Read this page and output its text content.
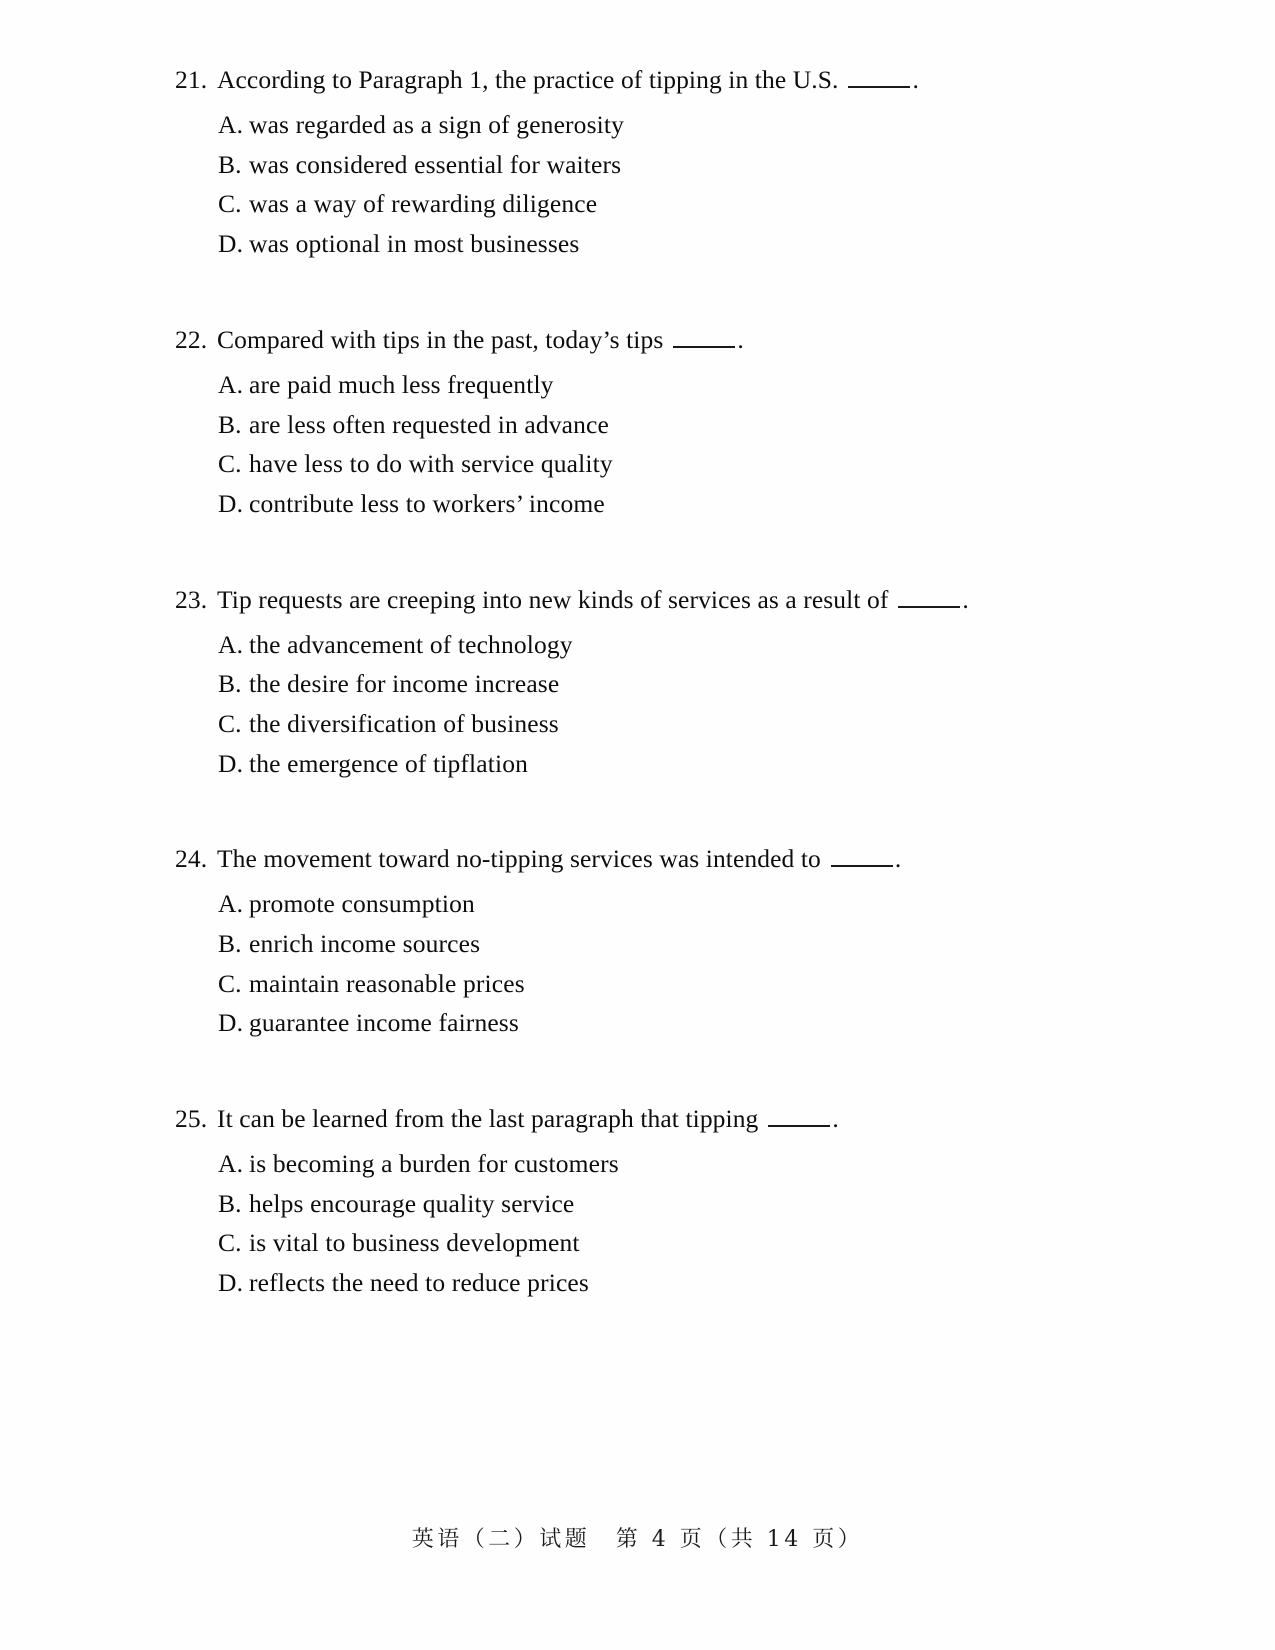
21. According to Paragraph 1, the practice of tipping in the U.S.	.
A. was regarded as a sign of generosity
B. was considered essential for waiters
C. was a way of rewarding diligence
D. was optional in most businesses
22. Compared with tips in the past, today’s tips	.
A. are paid much less frequently
B. are less often requested in advance
C. have less to do with service quality
D. contribute less to workers’ income
23. Tip requests are creeping into new kinds of services as a result of	.
A. the advancement of technology
B. the desire for income increase
C. the diversification of business
D. the emergence of tipflation
24. The movement toward no-tipping services was intended to	.
A. promote consumption
B. enrich income sources
C. maintain reasonable prices
D. guarantee income fairness
25. It can be learned from the last paragraph that tipping	.
A. is becoming a burden for customers
B. helps encourage quality service
C. is vital to business development
D. reflects the need to reduce prices
英语（二）试题　第 4 页（共 14 页）
